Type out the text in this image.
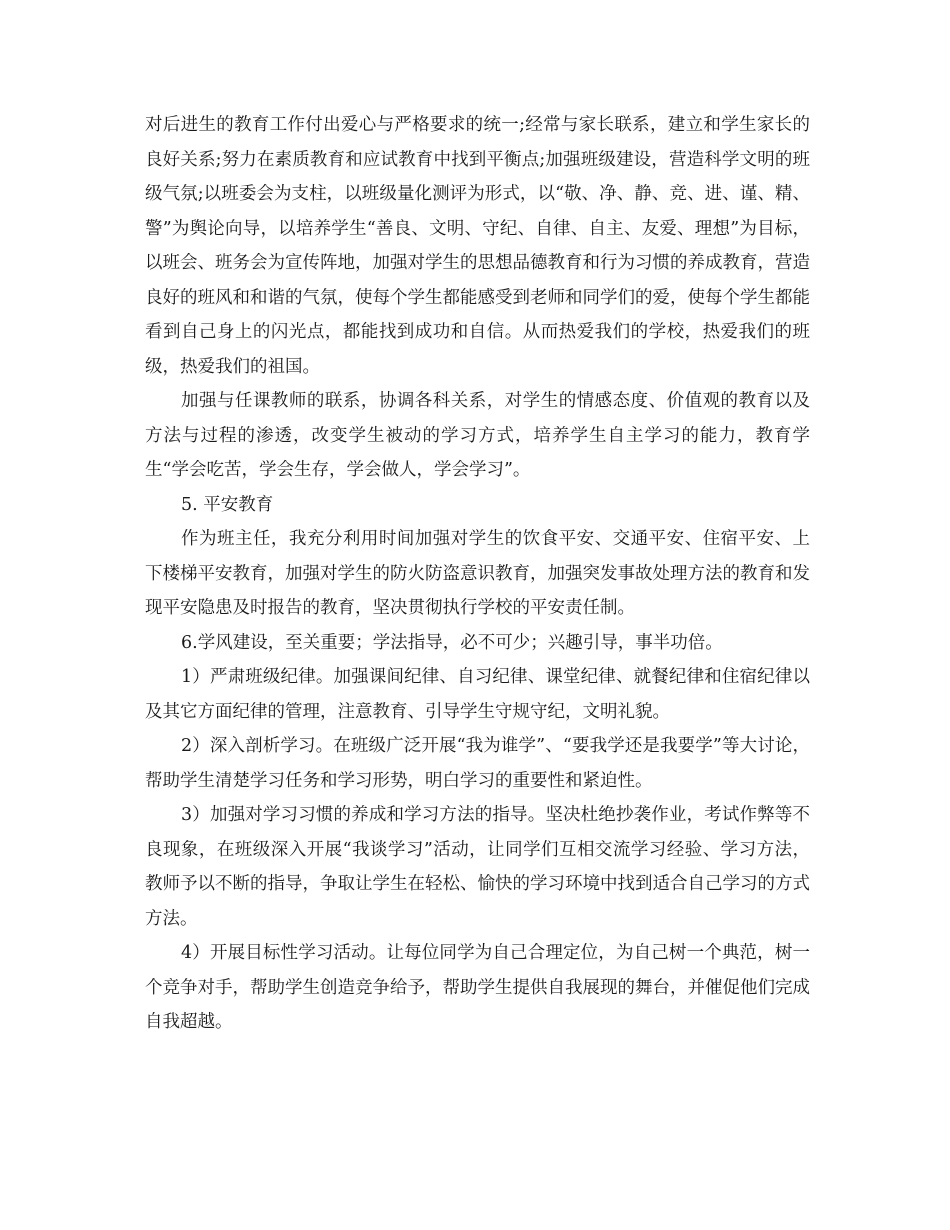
对后进生的教育工作付出爱心与严格要求的统一;经常与家长联系，建立和学生家长的良好关系;努力在素质教育和应试教育中找到平衡点;加强班级建设，营造科学文明的班级气氛;以班委会为支柱，以班级量化测评为形式，以“敬、净、静、竞、进、谨、精、警”为舆论向导，以培养学生“善良、文明、守纪、自律、自主、友爱、理想”为目标，以班会、班务会为宣传阵地，加强对学生的思想品德教育和行为习惯的养成教育，营造良好的班风和和谐的气氛，使每个学生都能感受到老师和同学们的爱，使每个学生都能看到自己身上的闪光点，都能找到成功和自信。从而热爱我们的学校，热爱我们的班级，热爱我们的祖国。

加强与任课教师的联系，协调各科关系，对学生的情感态度、价值观的教育以及方法与过程的渗透，改变学生被动的学习方式，培养学生自主学习的能力，教育学生“学会吃苦，学会生存，学会做人，学会学习”。

5. 平安教育

作为班主任，我充分利用时间加强对学生的饮食平安、交通平安、住宿平安、上下楼梯平安教育，加强对学生的防火防盗意识教育，加强突发事故处理方法的教育和发现平安隐患及时报告的教育，坚决贯彻执行学校的平安责任制。

6.学风建设，至关重要；学法指导，必不可少；兴趣引导，事半功倍。

1）严肃班级纪律。加强课间纪律、自习纪律、课堂纪律、就餐纪律和住宿纪律以及其它方面纪律的管理，注意教育、引导学生守规守纪，文明礼貌。

2）深入剖析学习。在班级广泛开展“我为谁学”、“要我学还是我要学”等大讨论，帮助学生清楚学习任务和学习形势，明白学习的重要性和紧迫性。

3）加强对学习习惯的养成和学习方法的指导。坚决杜绝抄袭作业，考试作弊等不良现象，在班级深入开展“我谈学习”活动，让同学们互相交流学习经验、学习方法，教师予以不断的指导，争取让学生在轻松、愉快的学习环境中找到适合自己学习的方式方法。

4）开展目标性学习活动。让每位同学为自己合理定位，为自己树一个典范，树一个竞争对手，帮助学生创造竞争给予，帮助学生提供自我展现的舞台，并催促他们完成自我超越。
